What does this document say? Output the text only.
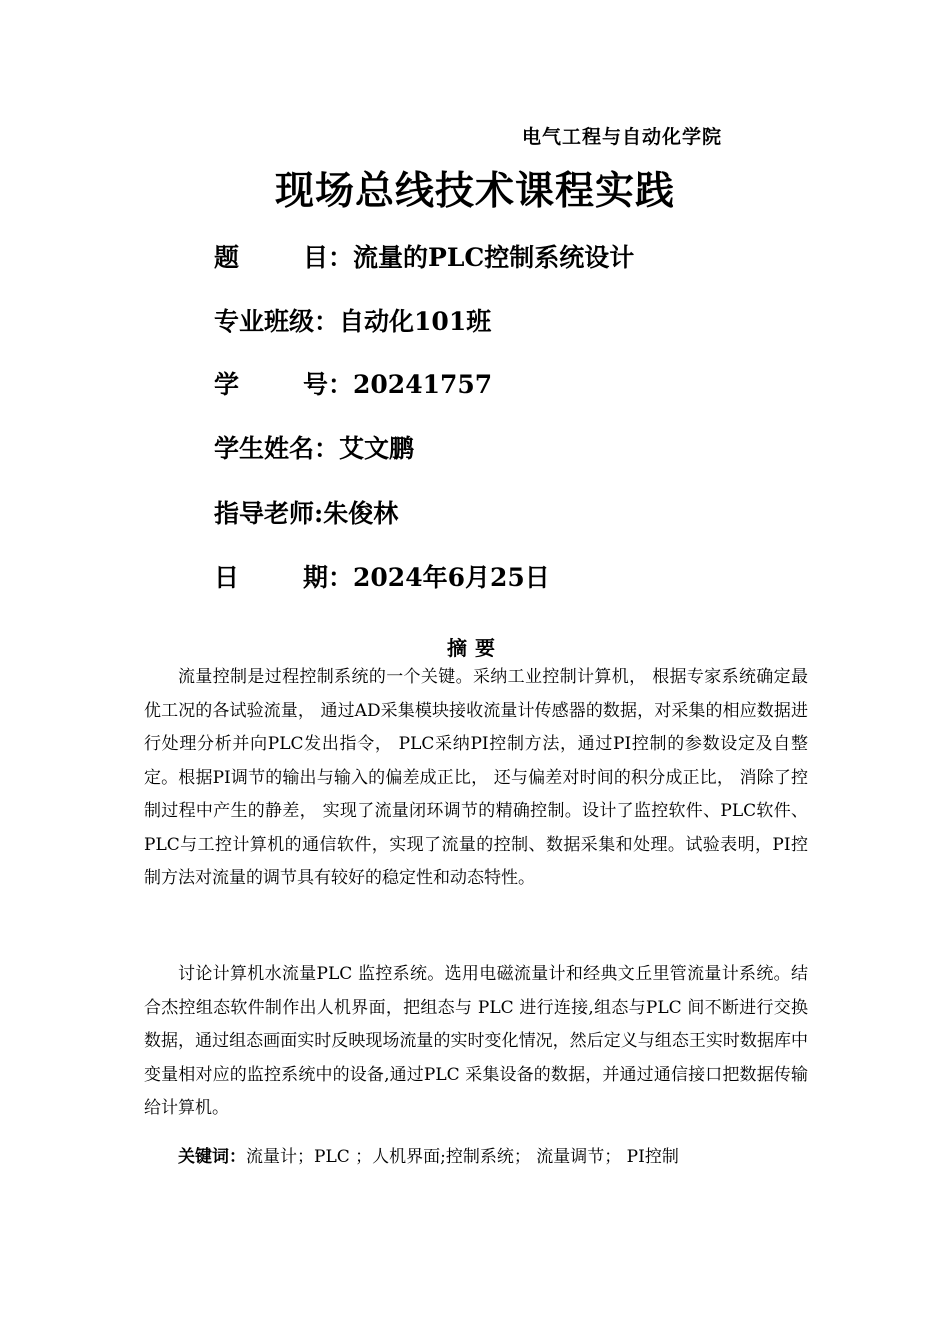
电气工程与自动化学院
现场总线技术课程实践
题	目 ：流量的PLC控制系统设计
专业班级：自动化101班
学	号 ：20241757
学生姓名：艾文鹏
指导老师:朱俊林
日	期 ：2024年6月25日
摘要

流量控制是过程控制系统的一个关键。采纳工业控制计算机， 根据专家系统确定最优工况的各试验流量， 通过AD采集模块接收流量计传感器的数据，对采集的相应数据进行处理分析并向PLC发出指令， PLC采纳PI控制方法，通过PI控制的参数设定及自整定。根据PI调节的输出与输入的偏差成正比， 还与偏差对时间的积分成正比， 消除了控制过程中产生的静差， 实现了流量闭环调节的精确控制。设计了监控软件、PLC软件、PLC与工控计算机的通信软件，实现了流量的控制、数据采集和处理。试验表明，PI控制方法对流量的调节具有较好的稳定性和动态特性。

讨论计算机水流量PLC 监控系统。选用电磁流量计和经典文丘里管流量计系统。结合杰控组态软件制作出人机界面，把组态与 PLC 进行连接,组态与PLC 间不断进行交换数据，通过组态画面实时反映现场流量的实时变化情况，然后定义与组态王实时数据库中变量相对应的监控系统中的设备,通过PLC 采集设备的数据，并通过通信接口把数据传输给计算机。

关键词：流量计；PLC ；人机界面;控制系统； 流量调节； PI控制
